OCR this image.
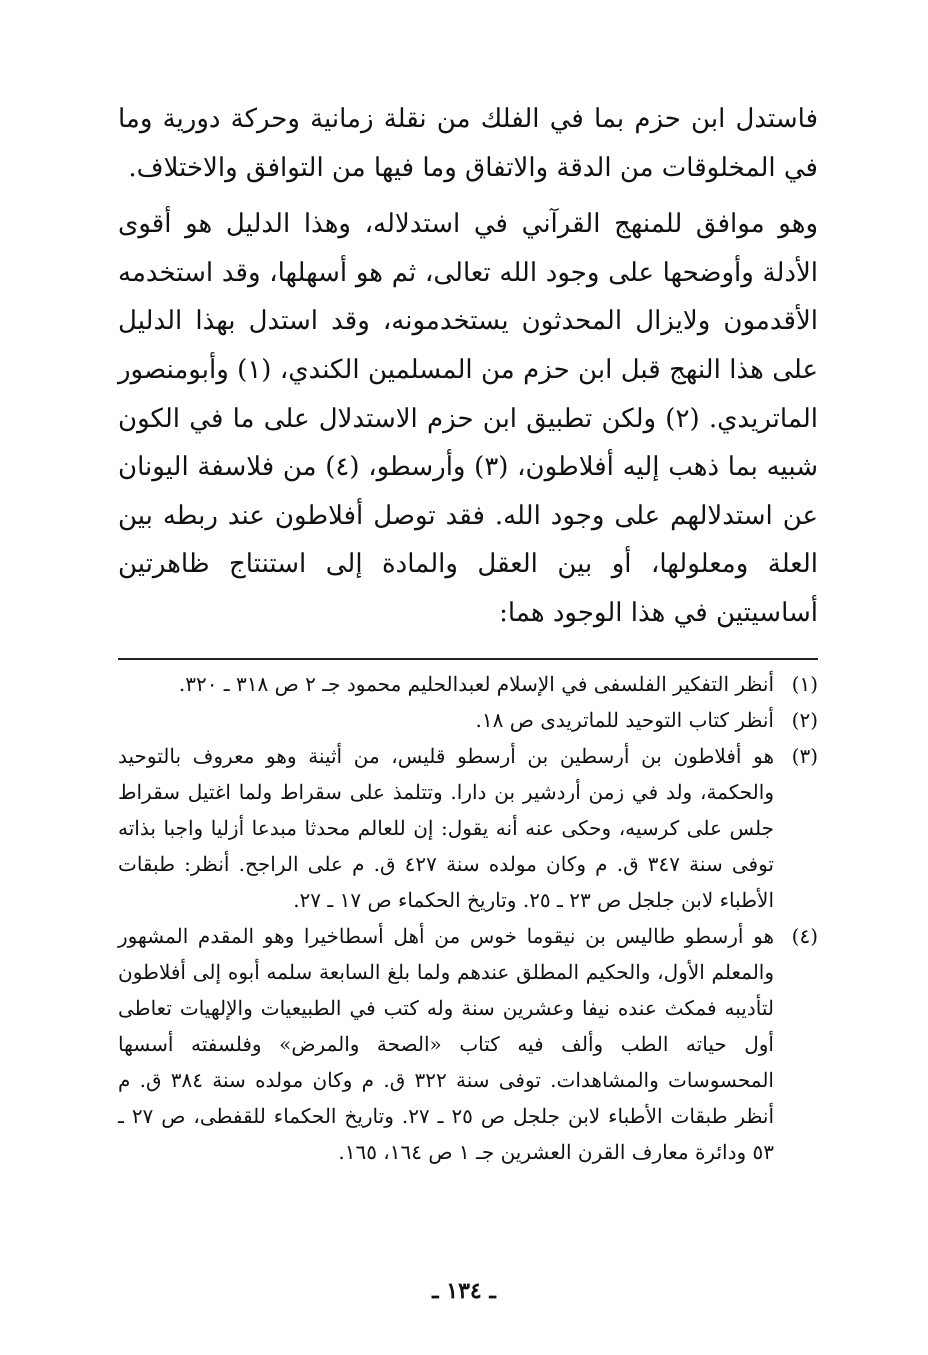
فاستدل ابن حزم بما في الفلك من نقلة زمانية وحركة دورية وما في المخلوقات من الدقة والاتفاق وما فيها من التوافق والاختلاف.

وهو موافق للمنهج القرآني في استدلاله، وهذا الدليل هو أقوى الأدلة وأوضحها على وجود الله تعالى، ثم هو أسهلها، وقد استخدمه الأقدمون ولايزال المحدثون يستخدمونه، وقد استدل بهذا الدليل على هذا النهج قبل ابن حزم من المسلمين الكندي، (١) وأبومنصور الماتريدي. (٢) ولكن تطبيق ابن حزم الاستدلال على ما في الكون شبيه بما ذهب إليه أفلاطون، (٣) وأرسطو، (٤) من فلاسفة اليونان عن استدلالهم على وجود الله. فقد توصل أفلاطون عند ربطه بين العلة ومعلولها، أو بين العقل والمادة إلى استنتاج ظاهرتين أساسيتين في هذا الوجود هما:

(١)
أنظر التفكير الفلسفى في الإسلام لعبدالحليم محمود جـ ٢ ص ٣١٨ ـ ٣٢٠.
(٢)
أنظر كتاب التوحيد للماتريدى ص ١٨.
(٣)
هو أفلاطون بن أرسطين بن أرسطو قليس، من أثينة وهو معروف بالتوحيد والحكمة، ولد في زمن أردشير بن دارا. وتتلمذ على سقراط ولما اغتيل سقراط جلس على كرسيه، وحكى عنه أنه يقول: إن للعالم محدثا مبدعا أزليا واجبا بذاته توفى سنة ٣٤٧ ق. م وكان مولده سنة ٤٢٧ ق. م على الراجح. أنظر: طبقات الأطباء لابن جلجل ص ٢٣ ـ ٢٥. وتاريخ الحكماء ص ١٧ ـ ٢٧.
(٤)
هو أرسطو طاليس بن نيقوما خوس من أهل أسطاخيرا وهو المقدم المشهور والمعلم الأول، والحكيم المطلق عندهم ولما بلغ السابعة سلمه أبوه إلى أفلاطون لتأديبه فمكث عنده نيفا وعشرين سنة وله كتب في الطبيعيات والإلهيات تعاطى أول حياته الطب وألف فيه كتاب «الصحة والمرض» وفلسفته أسسها المحسوسات والمشاهدات. توفى سنة ٣٢٢ ق. م وكان مولده سنة ٣٨٤ ق. م أنظر طبقات الأطباء لابن جلجل ص ٢٥ ـ ٢٧. وتاريخ الحكماء للقفطى، ص ٢٧ ـ ٥٣ ودائرة معارف القرن العشرين جـ ١ ص ١٦٤، ١٦٥.
ـ ١٣٤ ـ
